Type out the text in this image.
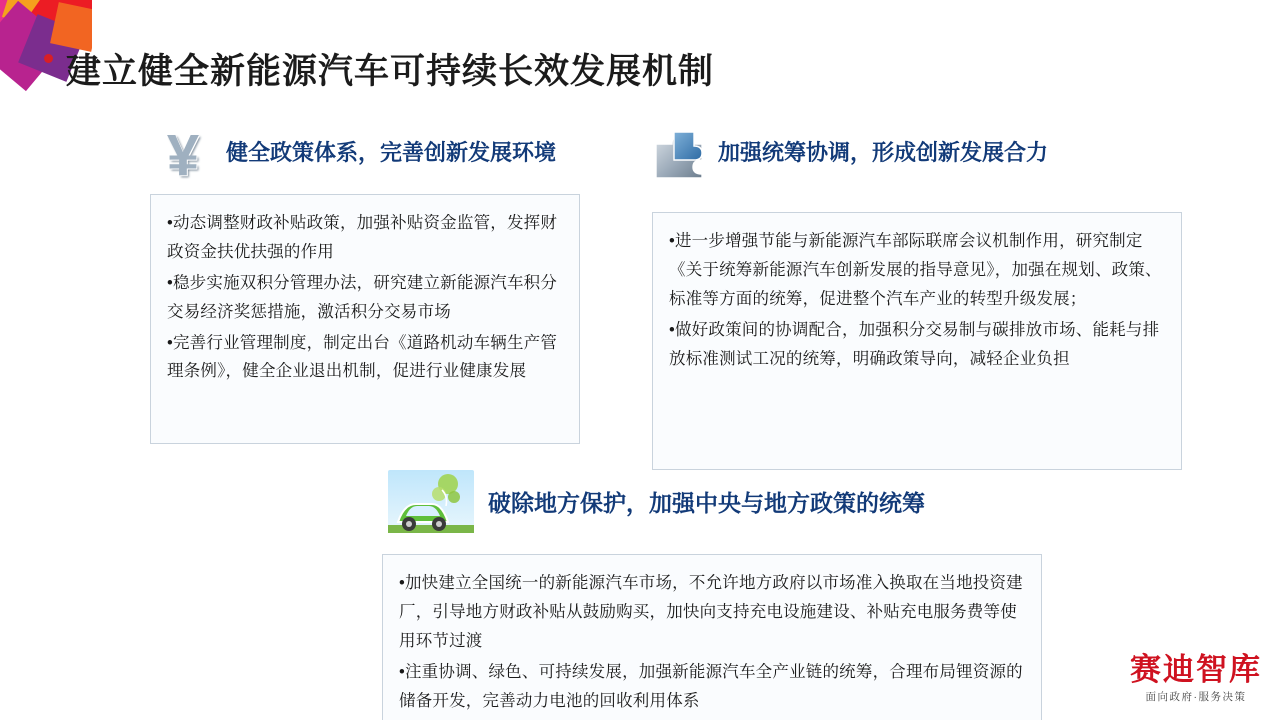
建立健全新能源汽车可持续长效发展机制
¥	健全政策体系，完善创新发展环境

•动态调整财政补贴政策，加强补贴资金监管，发挥财政资金扶优扶强的作用

•稳步实施双积分管理办法，研究建立新能源汽车积分交易经济奖惩措施，激活积分交易市场

•完善行业管理制度，制定出台《道路机动车辆生产管理条例》，健全企业退出机制，促进行业健康发展

加强统筹协调，形成创新发展合力

•进一步增强节能与新能源汽车部际联席会议机制作用，研究制定《关于统筹新能源汽车创新发展的指导意见》，加强在规划、政策、标准等方面的统筹，促进整个汽车产业的转型升级发展；

•做好政策间的协调配合，加强积分交易制与碳排放市场、能耗与排放标准测试工况的统筹，明确政策导向，减轻企业负担

破除地方保护，加强中央与地方政策的统筹

•加快建立全国统一的新能源汽车市场，不允许地方政府以市场准入换取在当地投资建厂，引导地方财政补贴从鼓励购买，加快向支持充电设施建设、补贴充电服务费等使用环节过渡

•注重协调、绿色、可持续发展，加强新能源汽车全产业链的统筹，合理布局锂资源的储备开发，完善动力电池的回收利用体系

赛迪智库
面向政府·服务决策
